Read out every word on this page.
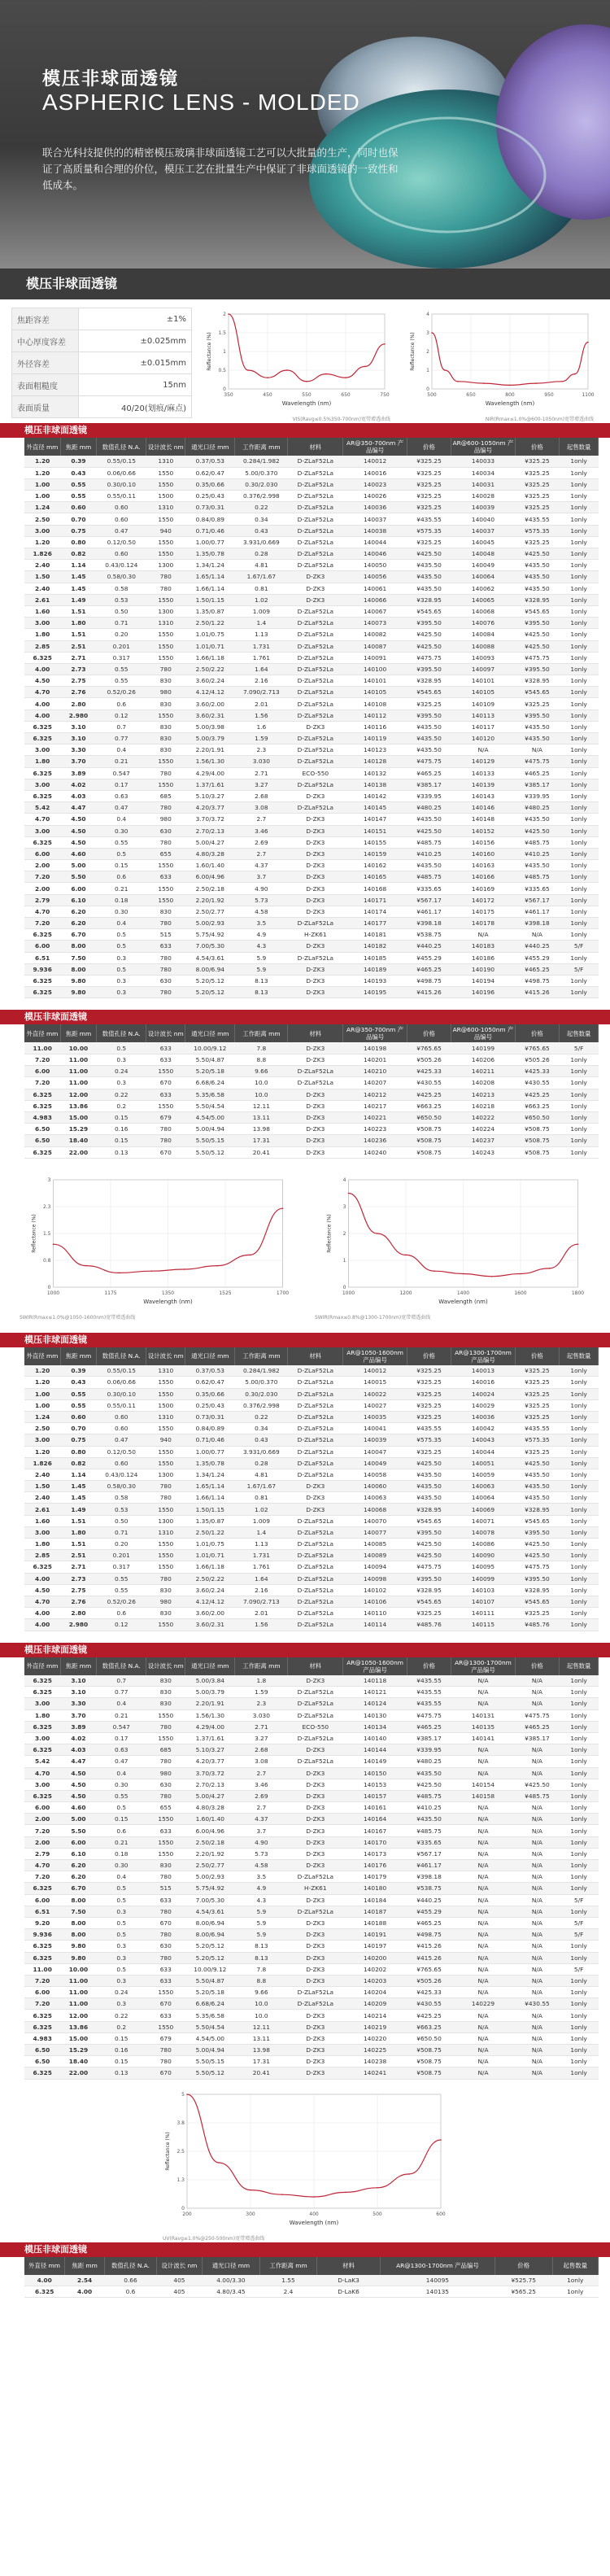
模压非球面透镜
ASPHERIC LENS - MOLDED
联合光科技提供的的精密模压玻璃非球面透镜工艺可以大批量的生产，同时也保证了高质量和合理的价位，模压工艺在批量生产中保证了非球面透镜的一致性和低成本。
模压非球面透镜
焦距容差	±1%
中心厚度容差	±0.025mm
外径容差	±0.015mm
表面粗糙度	15nm
表面质量	40/20(划痕/麻点)
350	450	550	650	750
0
0.5
1
1.5
2
Wavelength (nm)
Reflectance (%)
VIS(Ravg≤0.5%350-700nm)宽带增透曲线
500	650	800	950	1100
0
1
2
3
4
Wavelength (nm)
Reflectance (%)
NIR(Rmax≤1.0%@600-1050nm)宽带增透曲线
模压非球面透镜
外直径 mm	焦距 mm	数值孔径 N.A.	设计波长 nm	通光口径 mm	工作距离 mm	材料	AR@350-700nm 产品编号	价格	AR@600-1050nm 产品编号	价格	起售数量
1.20	0.39	0.55/0.15	1310	0.37/0.53	0.284/1.982	D-ZLaF52La	140012	¥325.25	140033	¥325.25	1only
1.20	0.43	0.06/0.66	1550	0.62/0.47	5.00/0.370	D-ZLaF52La	140016	¥325.25	140034	¥325.25	1only
1.00	0.55	0.30/0.10	1550	0.35/0.66	0.30/2.030	D-ZLaF52La	140023	¥325.25	140031	¥325.25	1only
1.00	0.55	0.55/0.11	1500	0.25/0.43	0.376/2.998	D-ZLaF52La	140026	¥325.25	140028	¥325.25	1only
1.24	0.60	0.60	1310	0.73/0.31	0.22	D-ZLaF52La	140036	¥325.25	140039	¥325.25	1only
2.50	0.70	0.60	1550	0.84/0.89	0.34	D-ZLaF52La	140037	¥435.55	140040	¥435.55	1only
3.00	0.75	0.47	940	0.71/0.46	0.43	D-ZLaF52La	140038	¥575.35	140037	¥575.35	1only
1.20	0.80	0.12/0.50	1550	1.00/0.77	3.931/0.669	D-ZLaF52La	140044	¥325.25	140045	¥325.25	1only
1.826	0.82	0.60	1550	1.35/0.78	0.28	D-ZLaF52La	140046	¥425.50	140048	¥425.50	1only
2.40	1.14	0.43/0.124	1300	1.34/1.24	4.81	D-ZLaF52La	140050	¥435.50	140049	¥435.50	1only
1.50	1.45	0.58/0.30	780	1.65/1.14	1.67/1.67	D-ZK3	140056	¥435.50	140064	¥435.50	1only
2.40	1.45	0.58	780	1.66/1.14	0.81	D-ZK3	140061	¥435.50	140062	¥435.50	1only
2.61	1.49	0.53	1550	1.50/1.15	1.02	D-ZK3	140066	¥328.95	140065	¥328.95	1only
1.60	1.51	0.50	1300	1.35/0.87	1.009	D-ZLaF52La	140067	¥545.65	140068	¥545.65	1only
3.00	1.80	0.71	1310	2.50/1.22	1.4	D-ZLaF52La	140073	¥395.50	140076	¥395.50	1only
1.80	1.51	0.20	1550	1.01/0.75	1.13	D-ZLaF52La	140082	¥425.50	140084	¥425.50	1only
2.85	2.51	0.201	1550	1.01/0.71	1.731	D-ZLaF52La	140087	¥425.50	140088	¥425.50	1only
6.325	2.71	0.317	1550	1.66/1.18	1.761	D-ZLaF52La	140091	¥475.75	140093	¥475.75	1only
4.00	2.73	0.55	780	2.50/2.22	1.64	D-ZLaF52La	140100	¥395.50	140097	¥395.50	1only
4.50	2.75	0.55	830	3.60/2.24	2.16	D-ZLaF52La	140101	¥328.95	140101	¥328.95	1only
4.70	2.76	0.52/0.26	980	4.12/4.12	7.090/2.713	D-ZLaF52La	140105	¥545.65	140105	¥545.65	1only
4.00	2.80	0.6	830	3.60/2.00	2.01	D-ZLaF52La	140108	¥325.25	140109	¥325.25	1only
4.00	2.980	0.12	1550	3.60/2.31	1.56	D-ZLaF52La	140112	¥395.50	140113	¥395.50	1only
6.325	3.10	0.7	830	5.00/3.98	1.6	D-ZK3	140116	¥435.50	140117	¥435.50	1only
6.325	3.10	0.77	830	5.00/3.79	1.59	D-ZLaF52La	140119	¥435.50	140120	¥435.50	1only
3.00	3.30	0.4	830	2.20/1.91	2.3	D-ZLaF52La	140123	¥435.50	N/A	N/A	1only
1.80	3.70	0.21	1550	1.56/1.30	3.030	D-ZLaF52La	140128	¥475.75	140129	¥475.75	1only
6.325	3.89	0.547	780	4.29/4.00	2.71	ECO-550	140132	¥465.25	140133	¥465.25	1only
3.00	4.02	0.17	1550	1.37/1.61	3.27	D-ZLaF52La	140138	¥385.17	140139	¥385.17	1only
6.325	4.03	0.63	685	5.10/3.27	2.68	D-ZK3	140142	¥339.95	140143	¥339.95	1only
5.42	4.47	0.47	780	4.20/3.77	3.08	D-ZLaF52La	140145	¥480.25	140146	¥480.25	1only
4.70	4.50	0.4	980	3.70/3.72	2.7	D-ZK3	140147	¥435.50	140148	¥435.50	1only
3.00	4.50	0.30	630	2.70/2.13	3.46	D-ZK3	140151	¥425.50	140152	¥425.50	1only
6.325	4.50	0.55	780	5.00/4.27	2.69	D-ZK3	140155	¥485.75	140156	¥485.75	1only
6.00	4.60	0.5	655	4.80/3.28	2.7	D-ZK3	140159	¥410.25	140160	¥410.25	1only
2.00	5.00	0.15	1550	1.60/1.40	4.37	D-ZK3	140162	¥435.50	140163	¥435.50	1only
7.20	5.50	0.6	633	6.00/4.96	3.7	D-ZK3	140165	¥485.75	140166	¥485.75	1only
2.00	6.00	0.21	1550	2.50/2.18	4.90	D-ZK3	140168	¥335.65	140169	¥335.65	1only
2.79	6.10	0.18	1550	2.20/1.92	5.73	D-ZK3	140171	¥567.17	140172	¥567.17	1only
4.70	6.20	0.30	830	2.50/2.77	4.58	D-ZK3	140174	¥461.17	140175	¥461.17	1only
7.20	6.20	0.4	780	5.00/2.93	3.5	D-ZLaF52La	140177	¥398.18	140178	¥398.18	1only
6.325	6.70	0.5	515	5.75/4.92	4.9	H-ZK61	140181	¥538.75	N/A	N/A	1only
6.00	8.00	0.5	633	7.00/5.30	4.3	D-ZK3	140182	¥440.25	140183	¥440.25	5/F
6.51	7.50	0.3	780	4.54/3.61	5.9	D-ZLaF52La	140185	¥455.29	140186	¥455.29	1only
9.936	8.00	0.5	780	8.00/6.94	5.9	D-ZK3	140189	¥465.25	140190	¥465.25	5/F
6.325	9.80	0.3	630	5.20/5.12	8.13	D-ZK3	140193	¥498.75	140194	¥498.75	1only
6.325	9.80	0.3	780	5.20/5.12	8.13	D-ZK3	140195	¥415.26	140196	¥415.26	1only
模压非球面透镜
外直径 mm	焦距 mm	数值孔径 N.A.	设计波长 nm	通光口径 mm	工作距离 mm	材料	AR@350-700nm 产品编号	价格	AR@600-1050nm 产品编号	价格	起售数量
11.00	10.00	0.5	633	10.00/9.12	7.8	D-ZK3	140198	¥765.65	140199	¥765.65	5/F
7.20	11.00	0.3	633	5.50/4.87	8.8	D-ZK3	140201	¥505.26	140206	¥505.26	1only
6.00	11.00	0.24	1550	5.20/5.18	9.66	D-ZLaF52La	140210	¥425.33	140211	¥425.33	1only
7.20	11.00	0.3	670	6.68/6.24	10.0	D-ZLaF52La	140207	¥430.55	140208	¥430.55	1only
6.325	12.00	0.22	633	5.35/6.58	10.0	D-ZK3	140212	¥425.25	140213	¥425.25	1only
6.325	13.86	0.2	1550	5.50/4.54	12.11	D-ZK3	140217	¥663.25	140218	¥663.25	1only
4.983	15.00	0.15	679	4.54/5.00	13.11	D-ZK3	140221	¥650.50	140222	¥650.50	1only
6.50	15.29	0.16	780	5.00/4.94	13.98	D-ZK3	140223	¥508.75	140224	¥508.75	1only
6.50	18.40	0.15	780	5.50/5.15	17.31	D-ZK3	140236	¥508.75	140237	¥508.75	1only
6.325	22.00	0.13	670	5.50/5.12	20.41	D-ZK3	140240	¥508.75	140243	¥508.75	1only
1000	1175	1350	1525	1700
0
0.8
1.5
2.3
3
Wavelength (nm)
Reflectance (%)
SWIR(Rmax≤1.0%@1050-1600nm)宽带增透曲线
1000	1200	1400	1600	1800
0
1
2
3
4
Wavelength (nm)
Reflectance (%)
SWIR(Rmax≤0.8%@1300-1700nm)宽带增透曲线
模压非球面透镜
外直径 mm	焦距 mm	数值孔径 N.A.	设计波长 nm	通光口径 mm	工作距离 mm	材料	AR@1050-1600nm 产品编号	价格	AR@1300-1700nm 产品编号	价格	起售数量
1.20	0.39	0.55/0.15	1310	0.37/0.53	0.284/1.982	D-ZLaF52La	140012	¥325.25	140013	¥325.25	1only
1.20	0.43	0.06/0.66	1550	0.62/0.47	5.00/0.370	D-ZLaF52La	140015	¥325.25	140016	¥325.25	1only
1.00	0.55	0.30/0.10	1550	0.35/0.66	0.30/2.030	D-ZLaF52La	140022	¥325.25	140024	¥325.25	1only
1.00	0.55	0.55/0.11	1500	0.25/0.43	0.376/2.998	D-ZLaF52La	140027	¥325.25	140029	¥325.25	1only
1.24	0.60	0.60	1310	0.73/0.31	0.22	D-ZLaF52La	140035	¥325.25	140036	¥325.25	1only
2.50	0.70	0.60	1550	0.84/0.89	0.34	D-ZLaF52La	140041	¥435.55	140042	¥435.55	1only
3.00	0.75	0.47	940	0.71/0.46	0.43	D-ZLaF52La	140039	¥575.35	140043	¥575.35	1only
1.20	0.80	0.12/0.50	1550	1.00/0.77	3.931/0.669	D-ZLaF52La	140047	¥325.25	140044	¥325.25	1only
1.826	0.82	0.60	1550	1.35/0.78	0.28	D-ZLaF52La	140049	¥425.50	140051	¥425.50	1only
2.40	1.14	0.43/0.124	1300	1.34/1.24	4.81	D-ZLaF52La	140058	¥435.50	140059	¥435.50	1only
1.50	1.45	0.58/0.30	780	1.65/1.14	1.67/1.67	D-ZK3	140060	¥435.50	140063	¥435.50	1only
2.40	1.45	0.58	780	1.66/1.14	0.81	D-ZK3	140063	¥435.50	140064	¥435.50	1only
2.61	1.49	0.53	1550	1.50/1.15	1.02	D-ZK3	140068	¥328.95	140069	¥328.95	1only
1.60	1.51	0.50	1300	1.35/0.87	1.009	D-ZLaF52La	140070	¥545.65	140071	¥545.65	1only
3.00	1.80	0.71	1310	2.50/1.22	1.4	D-ZLaF52La	140077	¥395.50	140078	¥395.50	1only
1.80	1.51	0.20	1550	1.01/0.75	1.13	D-ZLaF52La	140085	¥425.50	140086	¥425.50	1only
2.85	2.51	0.201	1550	1.01/0.71	1.731	D-ZLaF52La	140089	¥425.50	140090	¥425.50	1only
6.325	2.71	0.317	1550	1.66/1.18	1.761	D-ZLaF52La	140094	¥475.75	140095	¥475.75	1only
4.00	2.73	0.55	780	2.50/2.22	1.64	D-ZLaF52La	140098	¥395.50	140099	¥395.50	1only
4.50	2.75	0.55	830	3.60/2.24	2.16	D-ZLaF52La	140102	¥328.95	140103	¥328.95	1only
4.70	2.76	0.52/0.26	980	4.12/4.12	7.090/2.713	D-ZLaF52La	140106	¥545.65	140107	¥545.65	1only
4.00	2.80	0.6	830	3.60/2.00	2.01	D-ZLaF52La	140110	¥325.25	140111	¥325.25	1only
4.00	2.980	0.12	1550	3.60/2.31	1.56	D-ZLaF52La	140114	¥485.76	140115	¥485.76	1only
模压非球面透镜
外直径 mm	焦距 mm	数值孔径 N.A.	设计波长 nm	通光口径 mm	工作距离 mm	材料	AR@1050-1600nm 产品编号	价格	AR@1300-1700nm 产品编号	价格	起售数量
6.325	3.10	0.7	830	5.00/3.84	1.8	D-ZK3	140118	¥435.55	N/A	N/A	1only
6.325	3.10	0.77	830	5.00/3.79	1.59	D-ZLaF52La	140121	¥435.55	N/A	N/A	1only
3.00	3.30	0.4	830	2.20/1.91	2.3	D-ZLaF52La	140124	¥435.55	N/A	N/A	1only
1.80	3.70	0.21	1550	1.56/1.30	3.030	D-ZLaF52La	140130	¥475.75	140131	¥475.75	1only
6.325	3.89	0.547	780	4.29/4.00	2.71	ECO-550	140134	¥465.25	140135	¥465.25	1only
3.00	4.02	0.17	1550	1.37/1.61	3.27	D-ZLaF52La	140140	¥385.17	140141	¥385.17	1only
6.325	4.03	0.63	685	5.10/3.27	2.68	D-ZK3	140144	¥339.95	N/A	N/A	1only
5.42	4.47	0.47	780	4.20/3.77	3.08	D-ZLaF52La	140149	¥480.25	N/A	N/A	1only
4.70	4.50	0.4	980	3.70/3.72	2.7	D-ZK3	140150	¥435.50	N/A	N/A	1only
3.00	4.50	0.30	630	2.70/2.13	3.46	D-ZK3	140153	¥425.50	140154	¥425.50	1only
6.325	4.50	0.55	780	5.00/4.27	2.69	D-ZK3	140157	¥485.75	140158	¥485.75	1only
6.00	4.60	0.5	655	4.80/3.28	2.7	D-ZK3	140161	¥410.25	N/A	N/A	1only
2.00	5.00	0.15	1550	1.60/1.40	4.37	D-ZK3	140164	¥435.50	N/A	N/A	1only
7.20	5.50	0.6	633	6.00/4.96	3.7	D-ZK3	140167	¥485.75	N/A	N/A	1only
2.00	6.00	0.21	1550	2.50/2.18	4.90	D-ZK3	140170	¥335.65	N/A	N/A	1only
2.79	6.10	0.18	1550	2.20/1.92	5.73	D-ZK3	140173	¥567.17	N/A	N/A	1only
4.70	6.20	0.30	830	2.50/2.77	4.58	D-ZK3	140176	¥461.17	N/A	N/A	1only
7.20	6.20	0.4	780	5.00/2.93	3.5	D-ZLaF52La	140179	¥398.18	N/A	N/A	1only
6.325	6.70	0.5	515	5.75/4.92	4.9	H-ZK61	140180	¥538.75	N/A	N/A	1only
6.00	8.00	0.5	633	7.00/5.30	4.3	D-ZK3	140184	¥440.25	N/A	N/A	5/F
6.51	7.50	0.3	780	4.54/3.61	5.9	D-ZLaF52La	140187	¥455.29	N/A	N/A	1only
9.20	8.00	0.5	670	8.00/6.94	5.9	D-ZK3	140188	¥465.25	N/A	N/A	5/F
9.936	8.00	0.5	780	8.00/6.94	5.9	D-ZK3	140191	¥498.75	N/A	N/A	5/F
6.325	9.80	0.3	630	5.20/5.12	8.13	D-ZK3	140197	¥415.26	N/A	N/A	1only
6.325	9.80	0.3	780	5.20/5.12	8.13	D-ZK3	140200	¥415.26	N/A	N/A	1only
11.00	10.00	0.5	633	10.00/9.12	7.8	D-ZK3	140202	¥765.65	N/A	N/A	5/F
7.20	11.00	0.3	633	5.50/4.87	8.8	D-ZK3	140203	¥505.26	N/A	N/A	1only
6.00	11.00	0.24	1550	5.20/5.18	9.66	D-ZLaF52La	140204	¥425.33	N/A	N/A	1only
7.20	11.00	0.3	670	6.68/6.24	10.0	D-ZLaF52La	140209	¥430.55	140229	¥430.55	1only
6.325	12.00	0.22	633	5.35/6.58	10.0	D-ZK3	140214	¥425.25	N/A	N/A	1only
6.325	13.86	0.2	1550	5.50/4.54	12.11	D-ZK3	140219	¥663.25	N/A	N/A	1only
4.983	15.00	0.15	679	4.54/5.00	13.11	D-ZK3	140220	¥650.50	N/A	N/A	1only
6.50	15.29	0.16	780	5.00/4.94	13.98	D-ZK3	140225	¥508.75	N/A	N/A	1only
6.50	18.40	0.15	780	5.50/5.15	17.31	D-ZK3	140238	¥508.75	N/A	N/A	1only
6.325	22.00	0.13	670	5.50/5.12	20.41	D-ZK3	140241	¥508.75	N/A	N/A	1only
200	300	400	500	600
0
1.3
2.5
3.8
5
Wavelength (nm)
Reflectance (%)
UV(Ravg≤1.0%@250-500nm)宽带增透曲线
模压非球面透镜
外直径 mm	焦距 mm	数值孔径 N.A.	设计波长 nm	通光口径 mm	工作距离 mm	材料	AR@1300-1700nm 产品编号	价格	起售数量
4.00	2.54	0.66	405	4.00/3.30	1.55	D-LaK3	140095	¥525.75	1only
6.325	4.00	0.6	405	4.80/3.45	2.4	D-LaK6	140135	¥565.25	1only
